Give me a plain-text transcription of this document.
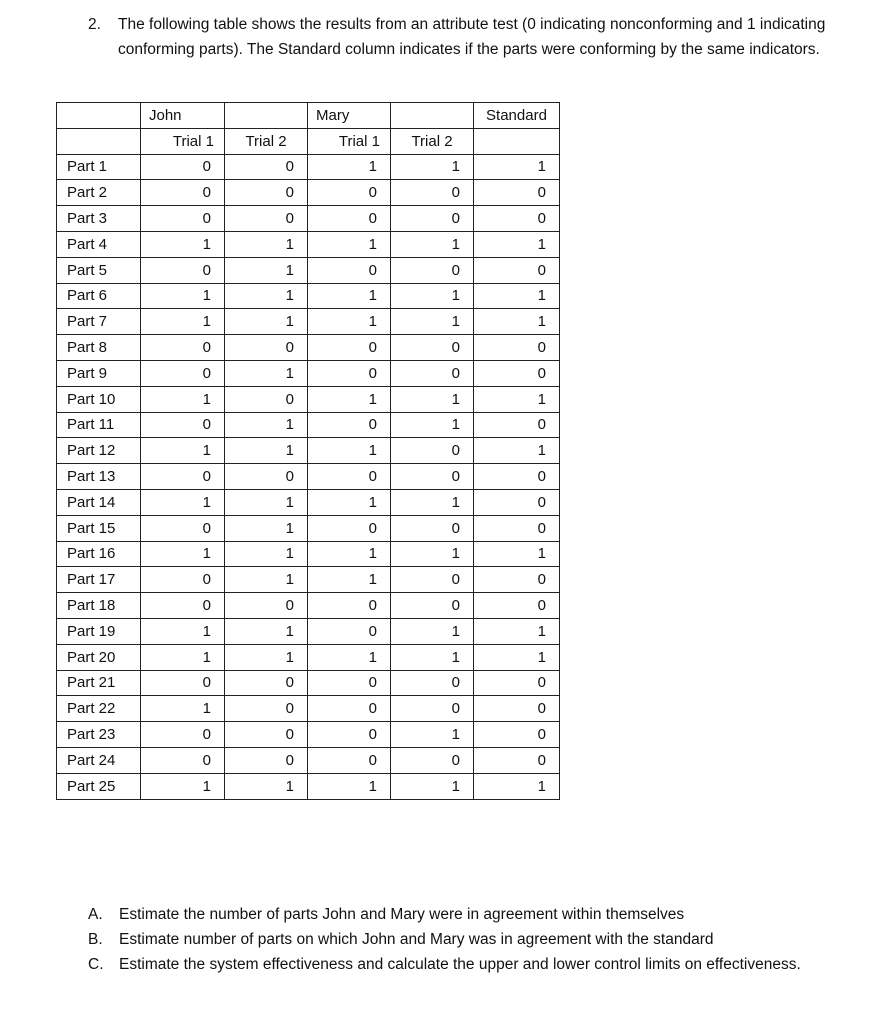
2. The following table shows the results from an attribute test (0 indicating nonconforming and 1 indicating conforming parts). The Standard column indicates if the parts were conforming by the same indicators.
	John		Mary		Standard
	Trial 1	Trial 2	Trial 1	Trial 2	
Part 1	0	0	1	1	1
Part 2	0	0	0	0	0
Part 3	0	0	0	0	0
Part 4	1	1	1	1	1
Part 5	0	1	0	0	0
Part 6	1	1	1	1	1
Part 7	1	1	1	1	1
Part 8	0	0	0	0	0
Part 9	0	1	0	0	0
Part 10	1	0	1	1	1
Part 11	0	1	0	1	0
Part 12	1	1	1	0	1
Part 13	0	0	0	0	0
Part 14	1	1	1	1	0
Part 15	0	1	0	0	0
Part 16	1	1	1	1	1
Part 17	0	1	1	0	0
Part 18	0	0	0	0	0
Part 19	1	1	0	1	1
Part 20	1	1	1	1	1
Part 21	0	0	0	0	0
Part 22	1	0	0	0	0
Part 23	0	0	0	1	0
Part 24	0	0	0	0	0
Part 25	1	1	1	1	1
A. Estimate the number of parts John and Mary were in agreement within themselves
B. Estimate number of parts on which John and Mary was in agreement with the standard
C. Estimate the system effectiveness and calculate the upper and lower control limits on effectiveness.
